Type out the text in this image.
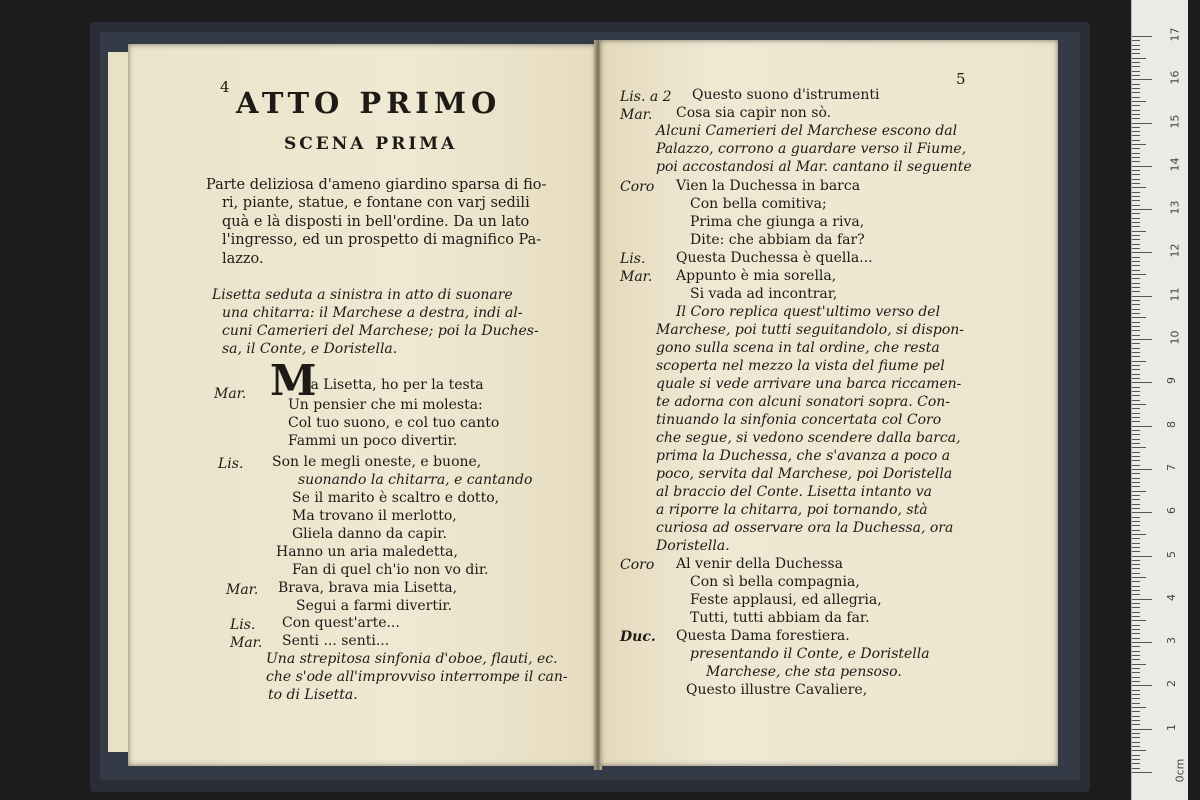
4 ATTO PRIMO
SCENA PRIMA
Parte deliziosa d'ameno giardino sparsa di fio-
ri, piante, statue, e fontane con varj sedili
quà e là disposti in bell'ordine. Da un lato
l'ingresso, ed un prospetto di magnifico Pa-
lazzo.
Lisetta seduta a sinistra in atto di suonare
una chitarra: il Marchese a destra, indi al-
cuni Camerieri del Marchese; poi la Duches-
sa, il Conte, e Doristella.
M
Mar.
ia Lisetta, ho per la testa
Un pensier che mi molesta:
Col tuo suono, e col tuo canto
Fammi un poco divertir.
Lis. Son le megli oneste, e buone,
suonando la chitarra, e cantando
Se il marito è scaltro e dotto,
Ma trovano il merlotto,
Gliela danno da capir.
Hanno un aria maledetta,
Fan di quel ch'io non vo dir.
Mar. Brava, brava mia Lisetta,
Segui a farmi divertir.
Lis. Con quest'arte...
Mar. Senti ... senti...
Una strepitosa sinfonia d'oboe, flauti, ec.
che s'ode all'improvviso interrompe il can-
to di Lisetta.
5
Lis. a 2 Questo suono d'istrumenti
Mar. Cosa sia capir non sò.
Alcuni Camerieri del Marchese escono dal
Palazzo, corrono a guardare verso il Fiume,
poi accostandosi al Mar. cantano il seguente
Coro Vien la Duchessa in barca
Con bella comitiva;
Prima che giunga a riva,
Dite: che abbiam da far?
Lis. Questa Duchessa è quella...
Mar. Appunto è mia sorella,
Si vada ad incontrar,
Il Coro replica quest'ultimo verso del
Marchese, poi tutti seguitandolo, si dispon-
gono sulla scena in tal ordine, che resta
scoperta nel mezzo la vista del fiume pel
quale si vede arrivare una barca riccamen-
te adorna con alcuni sonatori sopra. Con-
tinuando la sinfonia concertata col Coro
che segue, si vedono scendere dalla barca,
prima la Duchessa, che s'avanza a poco a
poco, servita dal Marchese, poi Doristella
al braccio del Conte. Lisetta intanto va
a riporre la chitarra, poi tornando, stà
curiosa ad osservare ora la Duchessa, ora
Doristella.
Coro Al venir della Duchessa
Con sì bella compagnia,
Feste applausi, ed allegria,
Tutti, tutti abbiam da far.
Duc. Questa Dama forestiera.
presentando il Conte, e Doristella
Marchese, che sta pensoso.
Questo illustre Cavaliere,
0cm
1
2
3
4
5
6
7
8
9
10
11
12
13
14
15
16
17
